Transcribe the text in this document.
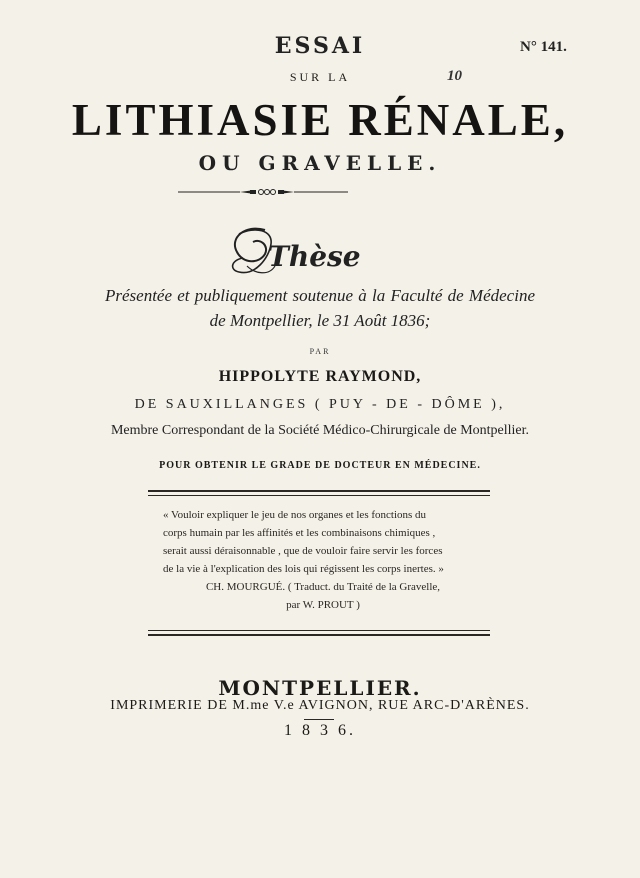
ESSAI	N° 141.
SUR LA	10
LITHIASIE RÉNALE,
OU GRAVELLE.
Thèse
Présentée et publiquement soutenue à la Faculté de Médecine
de Montpellier, le 31 Août 1836;
PAR
HIPPOLYTE RAYMOND,
DE SAUXILLANGES ( PUY - DE - DÔME ),
Membre Correspondant de la Société Médico-Chirurgicale de Montpellier.
POUR OBTENIR LE GRADE DE DOCTEUR EN MÉDECINE.
« Vouloir expliquer le jeu de nos organes et les fonctions du
corps humain par les affinités et les combinaisons chimiques ,
serait aussi déraisonnable , que de vouloir faire servir les forces
de la vie à l'explication des lois qui régissent les corps inertes. »
CH. MOURGUÉ. ( Traduct. du Traité de la Gravelle,
par W. PROUT )
MONTPELLIER.
IMPRIMERIE DE M.me V.e AVIGNON, RUE ARC-D'ARÈNES.
1 8 3 6.
